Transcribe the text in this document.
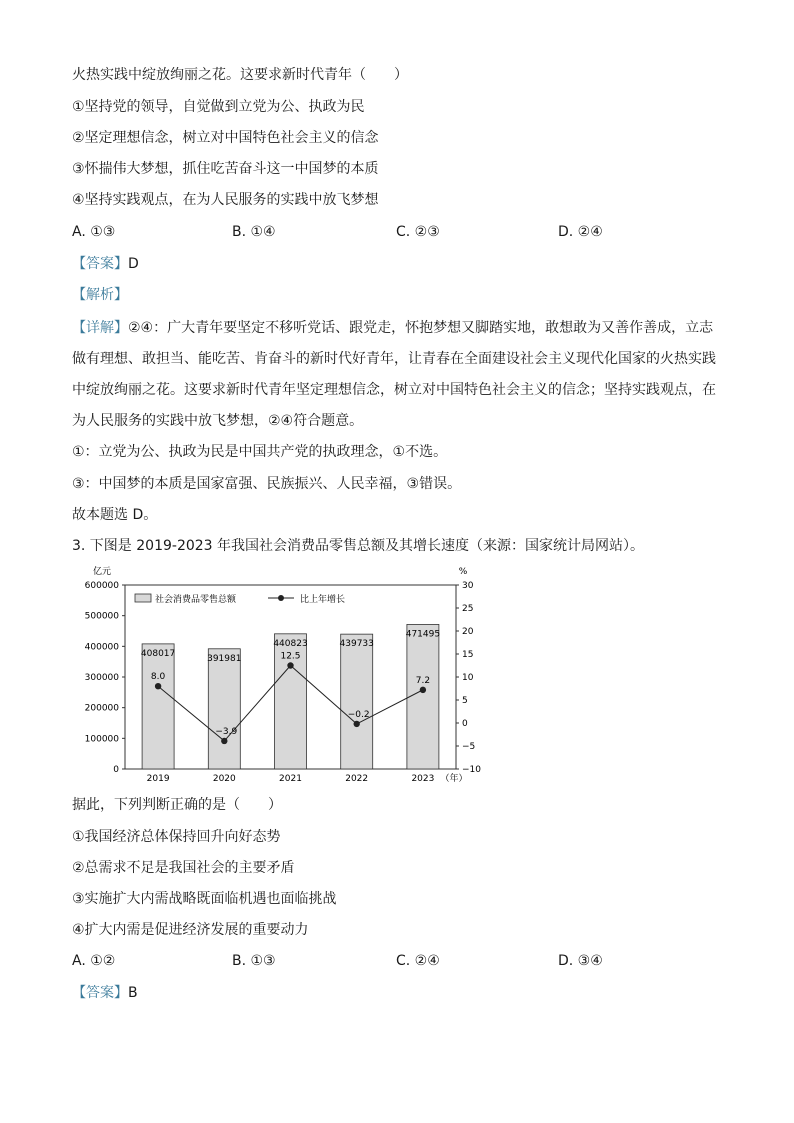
火热实践中绽放绚丽之花。这要求新时代青年（　　）
①坚持党的领导，自觉做到立党为公、执政为民
②坚定理想信念，树立对中国特色社会主义的信念
③怀揣伟大梦想，抓住吃苦奋斗这一中国梦的本质
④坚持实践观点，在为人民服务的实践中放飞梦想
A. ①③	B. ①④	C. ②③	D. ②④
【答案】D
【解析】
【详解】②④：广大青年要坚定不移听党话、跟党走，怀抱梦想又脚踏实地，敢想敢为又善作善成，立志做有理想、敢担当、能吃苦、肯奋斗的新时代好青年，让青春在全面建设社会主义现代化国家的火热实践中绽放绚丽之花。这要求新时代青年坚定理想信念，树立对中国特色社会主义的信念；坚持实践观点，在为人民服务的实践中放飞梦想，②④符合题意。
①：立党为公、执政为民是中国共产党的执政理念，①不选。
③：中国梦的本质是国家富强、民族振兴、人民幸福，③错误。
故本题选 D。
3. 下图是 2019-2023 年我国社会消费品零售总额及其增长速度（来源：国家统计局网站）。
亿元	%
社会消费品零售总额	比上年增长
0
100000
200000
300000
400000
500000
600000
−10
−5
0
5
10
15
20
25
30
408017	391981
440823	439733
471495
8.0
−3.9
12.5
−0.2
7.2
2019	2020	2021	2022	2023 （年）
据此，下列判断正确的是（　　）
①我国经济总体保持回升向好态势
②总需求不足是我国社会的主要矛盾
③实施扩大内需战略既面临机遇也面临挑战
④扩大内需是促进经济发展的重要动力
A. ①②	B. ①③	C. ②④	D. ③④
【答案】B
